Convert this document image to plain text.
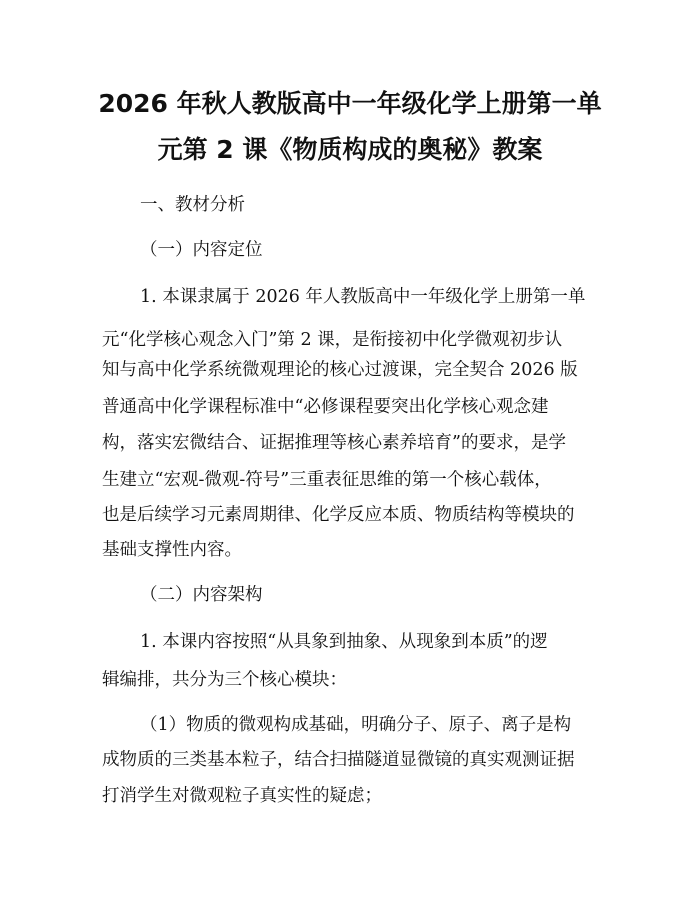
2026 年秋人教版高中一年级化学上册第一单
元第 2 课《物质构成的奥秘》教案
一、教材分析
（一）内容定位
1. 本课隶属于 2026 年人教版高中一年级化学上册第一单
元“化学核心观念入门”第 2 课，是衔接初中化学微观初步认
知与高中化学系统微观理论的核心过渡课，完全契合 2026 版
普通高中化学课程标准中“必修课程要突出化学核心观念建
构，落实宏微结合、证据推理等核心素养培育”的要求，是学
生建立“宏观-微观-符号”三重表征思维的第一个核心载体，
也是后续学习元素周期律、化学反应本质、物质结构等模块的
基础支撑性内容。
（二）内容架构
1. 本课内容按照“从具象到抽象、从现象到本质”的逻
辑编排，共分为三个核心模块：
（1）物质的微观构成基础，明确分子、原子、离子是构
成物质的三类基本粒子，结合扫描隧道显微镜的真实观测证据
打消学生对微观粒子真实性的疑虑；
